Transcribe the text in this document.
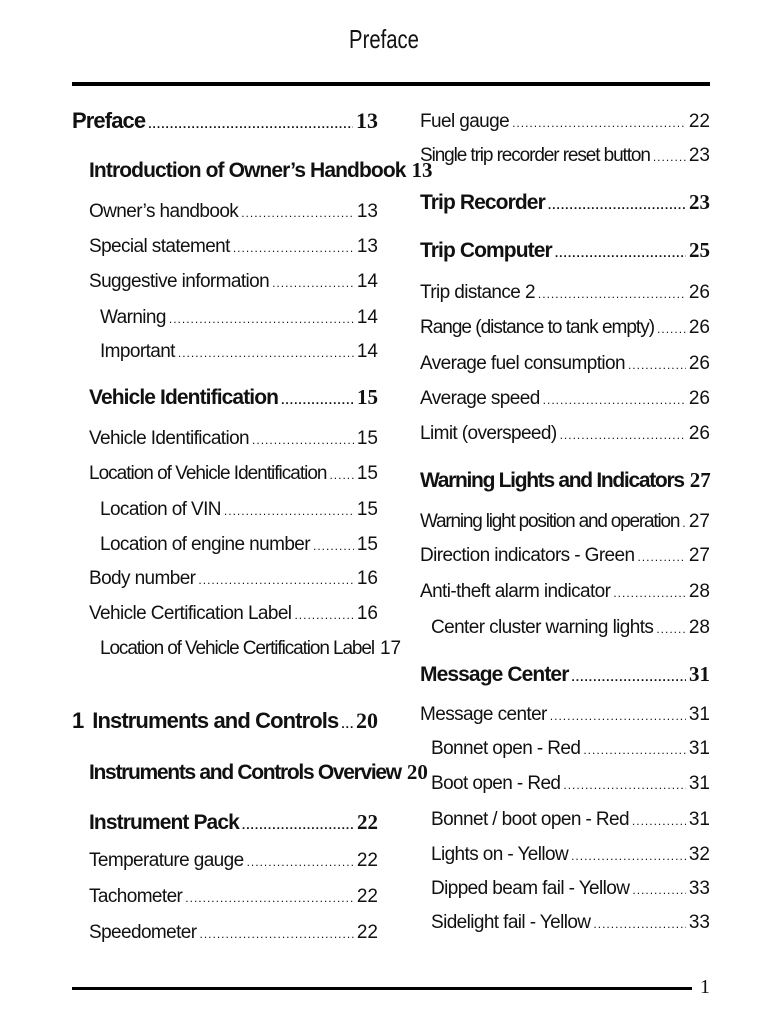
Preface
Preface .....	13
Introduction of Owner’s Handbook 13
Owner’s handbook .....	13
Special statement .....	13
Suggestive information .....	14
Warning .....	14
Important .....	14
Vehicle Identification .....	15
Vehicle Identification .....	15
Location of Vehicle Identification ..... 15
Location of VIN .....	15
Location of engine number ..... 15
Body number .....	16
Vehicle Certification Label .....	16
Location of Vehicle Certification Label 17
1 Instruments and Controls ..... 20
Instruments and Controls Overview 20
Instrument Pack .....	22
Temperature gauge .....	22
Tachometer .....	22
Speedometer .....	22
Fuel gauge .....	22
Single trip recorder reset button ..... 23
Trip Recorder .....	23
Trip Computer .....	25
Trip distance 2 .....	26
Range (distance to tank empty) ..... 26
Average fuel consumption .....	26
Average speed .....	26
Limit (overspeed) .....	26
Warning Lights and Indicators 27
Warning light position and operation ..... 27
Direction indicators - Green .....	27
Anti-theft alarm indicator .....	28
Center cluster warning lights ..... 28
Message Center .....	31
Message center .....	31
Bonnet open - Red .....	31
Boot open - Red .....	31
Bonnet / boot open - Red .....	31
Lights on - Yellow .....	32
Dipped beam fail - Yellow .....	33
Sidelight fail - Yellow .....	33
1
